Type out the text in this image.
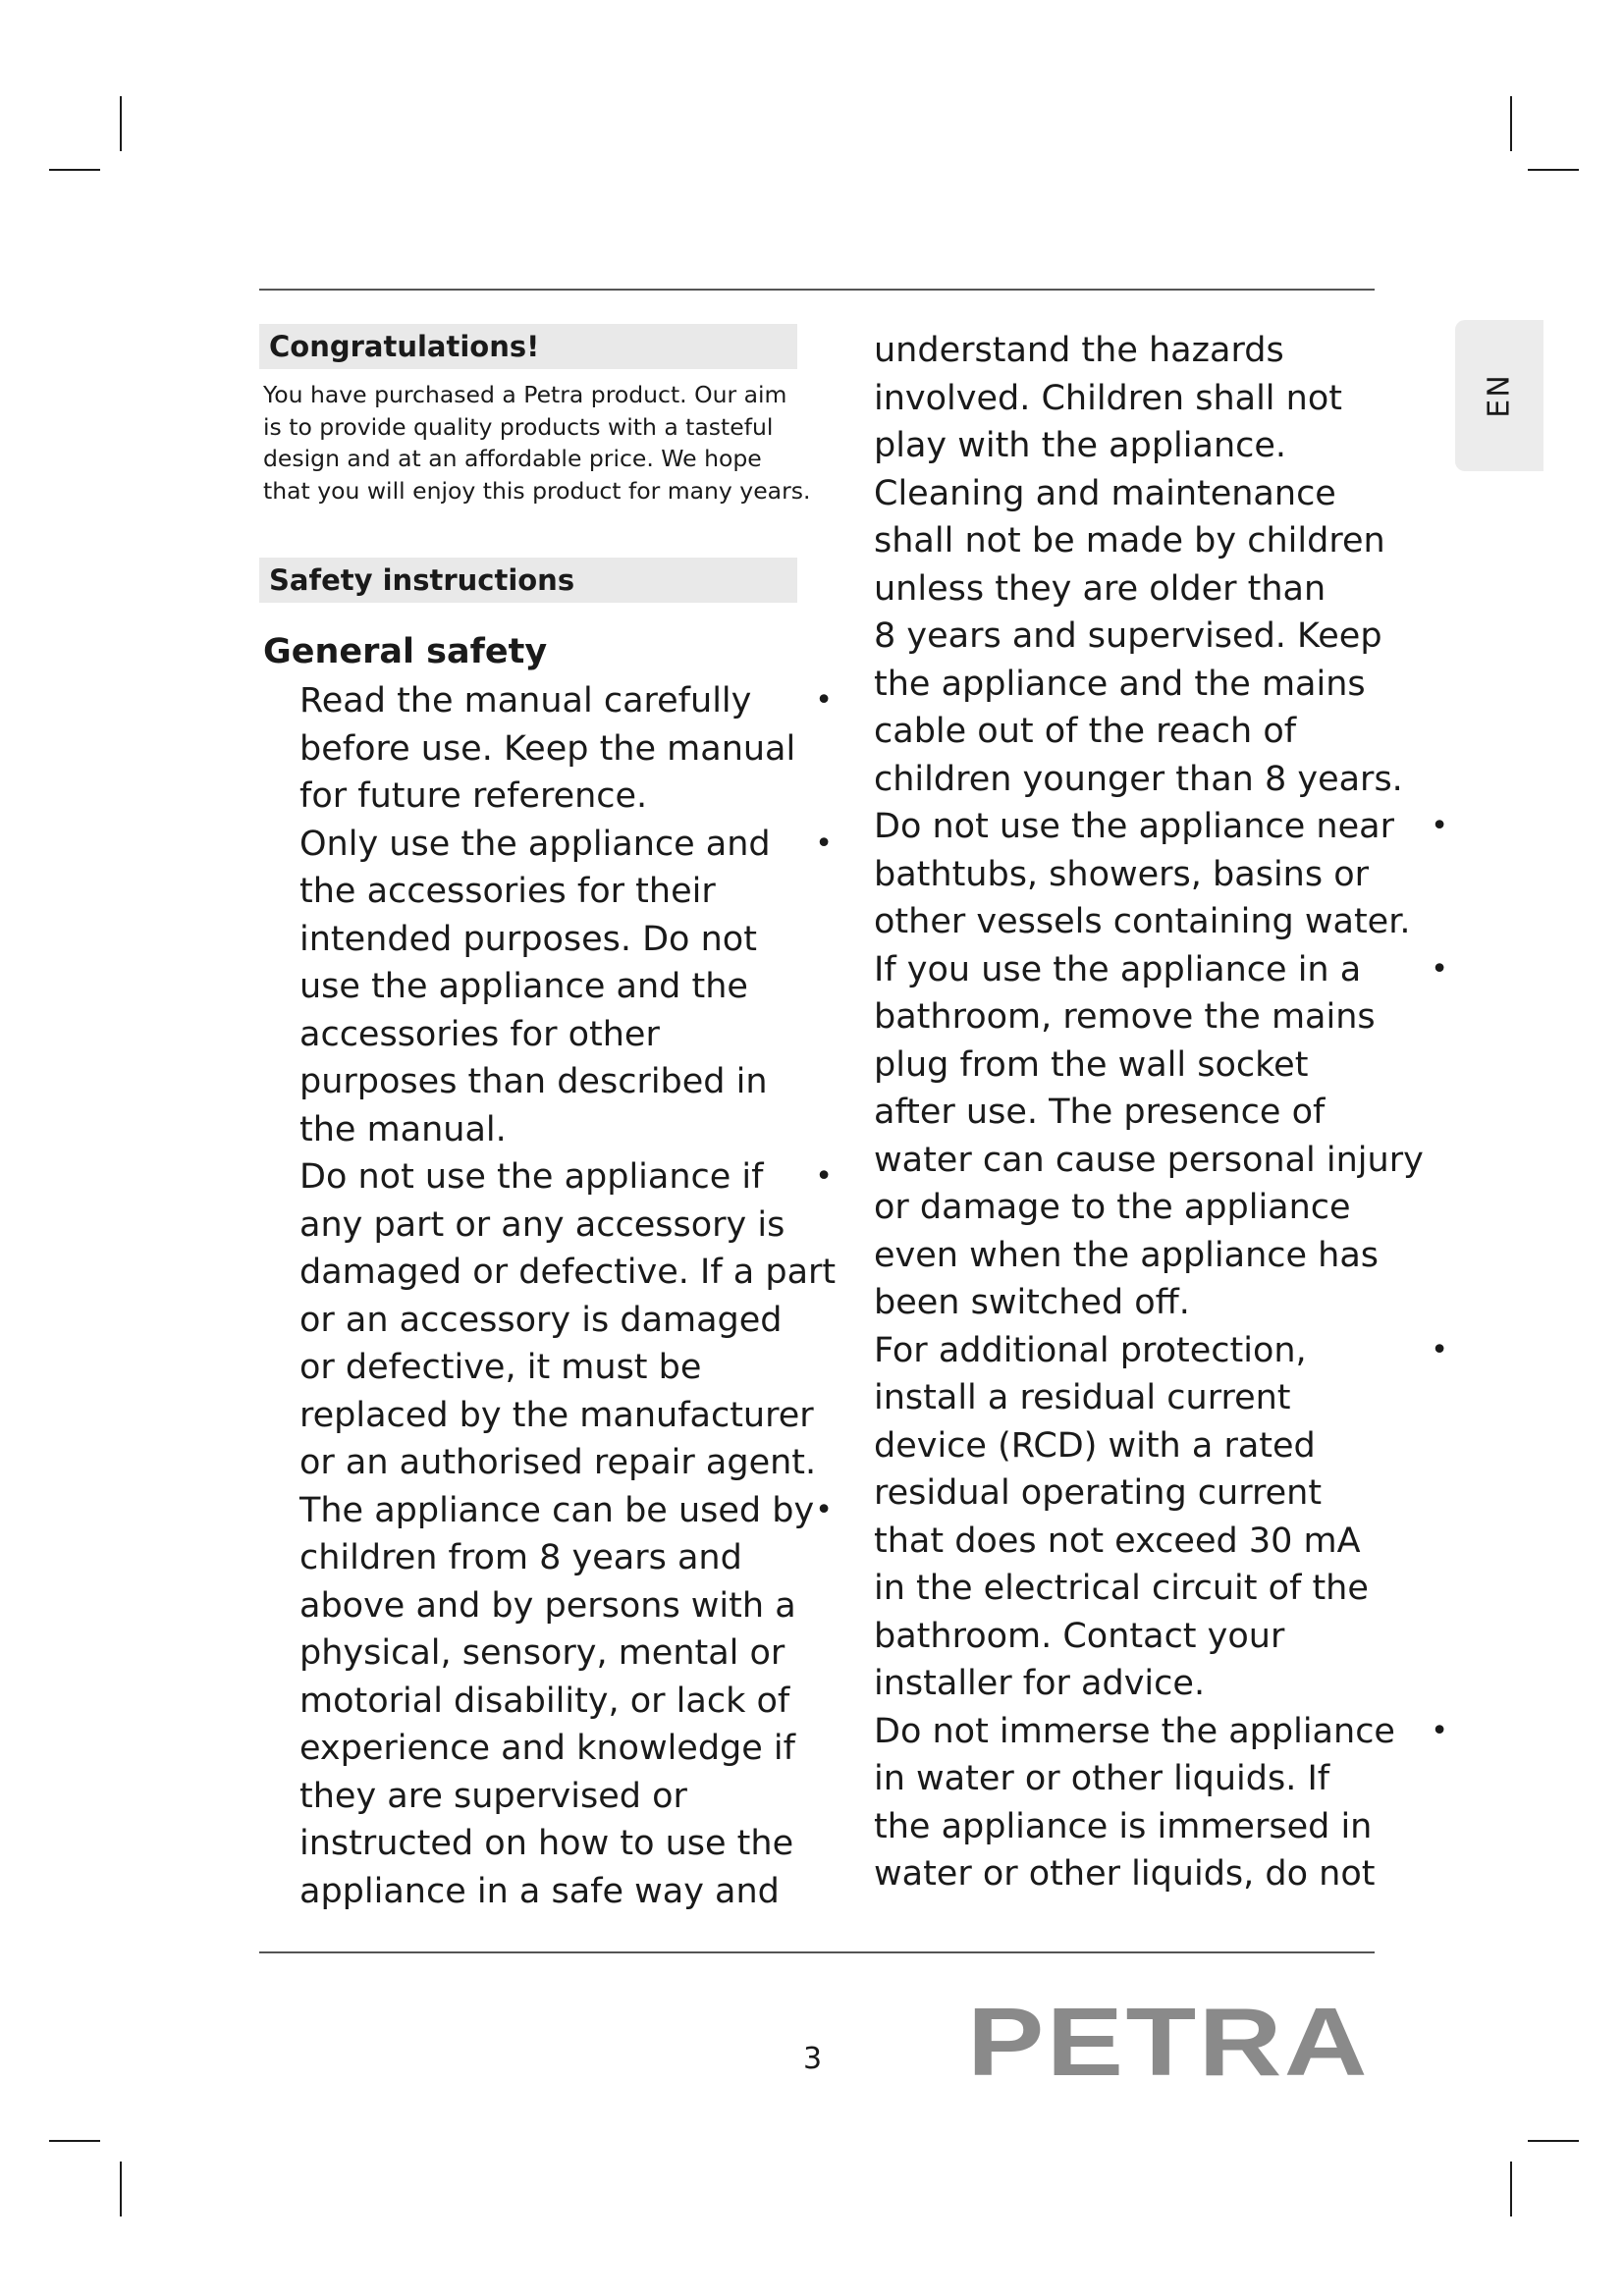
EN
Congratulations!
You have purchased a Petra product. Our aim
is to provide quality products with a tasteful
design and at an affordable price. We hope
that you will enjoy this product for many years.
Safety instructions
General safety
•
Read the manual carefully
before use. Keep the manual
for future reference.
•
Only use the appliance and
the accessories for their
intended purposes. Do not
use the appliance and the
accessories for other
purposes than described in
the manual.
•
Do not use the appliance if
any part or any accessory is
damaged or defective. If a part
or an accessory is damaged
or defective, it must be
replaced by the manufacturer
or an authorised repair agent.
•
The appliance can be used by
children from 8 years and
above and by persons with a
physical, sensory, mental or
motorial disability, or lack of
experience and knowledge if
they are supervised or
instructed on how to use the
appliance in a safe way and
understand the hazards
involved. Children shall not
play with the appliance.
Cleaning and maintenance
shall not be made by children
unless they are older than
8 years and supervised. Keep
the appliance and the mains
cable out of the reach of
children younger than 8 years.
•
Do not use the appliance near
bathtubs, showers, basins or
other vessels containing water.
•
If you use the appliance in a
bathroom, remove the mains
plug from the wall socket
after use. The presence of
water can cause personal injury
or damage to the appliance
even when the appliance has
been switched off.
•
For additional protection,
install a residual current
device (RCD) with a rated
residual operating current
that does not exceed 30 mA
in the electrical circuit of the
bathroom. Contact your
installer for advice.
•
Do not immerse the appliance
in water or other liquids. If
the appliance is immersed in
water or other liquids, do not
3 PETRA
